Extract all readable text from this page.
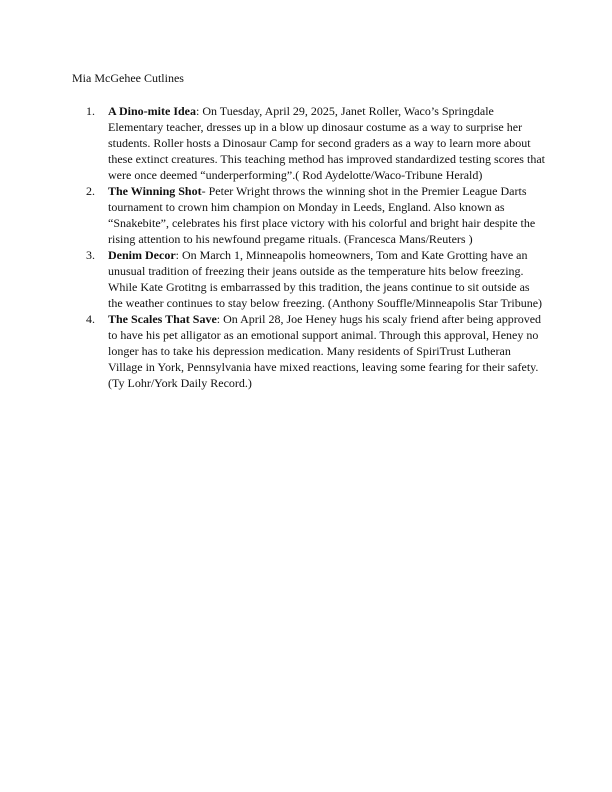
Mia McGehee Cutlines
1. A Dino-mite Idea: On Tuesday, April 29, 2025, Janet Roller, Waco’s Springdale Elementary teacher, dresses up in a blow up dinosaur costume as a way to surprise her students. Roller hosts a Dinosaur Camp for second graders as a way to learn more about these extinct creatures. This teaching method has improved standardized testing scores that were once deemed “underperforming”.( Rod Aydelotte/Waco-Tribune Herald)
2. The Winning Shot- Peter Wright throws the winning shot in the Premier League Darts tournament to crown him champion on Monday in Leeds, England. Also known as “Snakebite”, celebrates his first place victory with his colorful and bright hair despite the rising attention to his newfound pregame rituals. (Francesca Mans/Reuters )
3. Denim Decor: On March 1, Minneapolis homeowners, Tom and Kate Grotting have an unusual tradition of freezing their jeans outside as the temperature hits below freezing. While Kate Grotitng is embarrassed by this tradition, the jeans continue to sit outside as the weather continues to stay below freezing. (Anthony Souffle/Minneapolis Star Tribune)
4. The Scales That Save: On April 28, Joe Heney hugs his scaly friend after being approved to have his pet alligator as an emotional support animal. Through this approval, Heney no longer has to take his depression medication. Many residents of SpiriTrust Lutheran Village in York, Pennsylvania have mixed reactions, leaving some fearing for their safety. (Ty Lohr/York Daily Record.)
